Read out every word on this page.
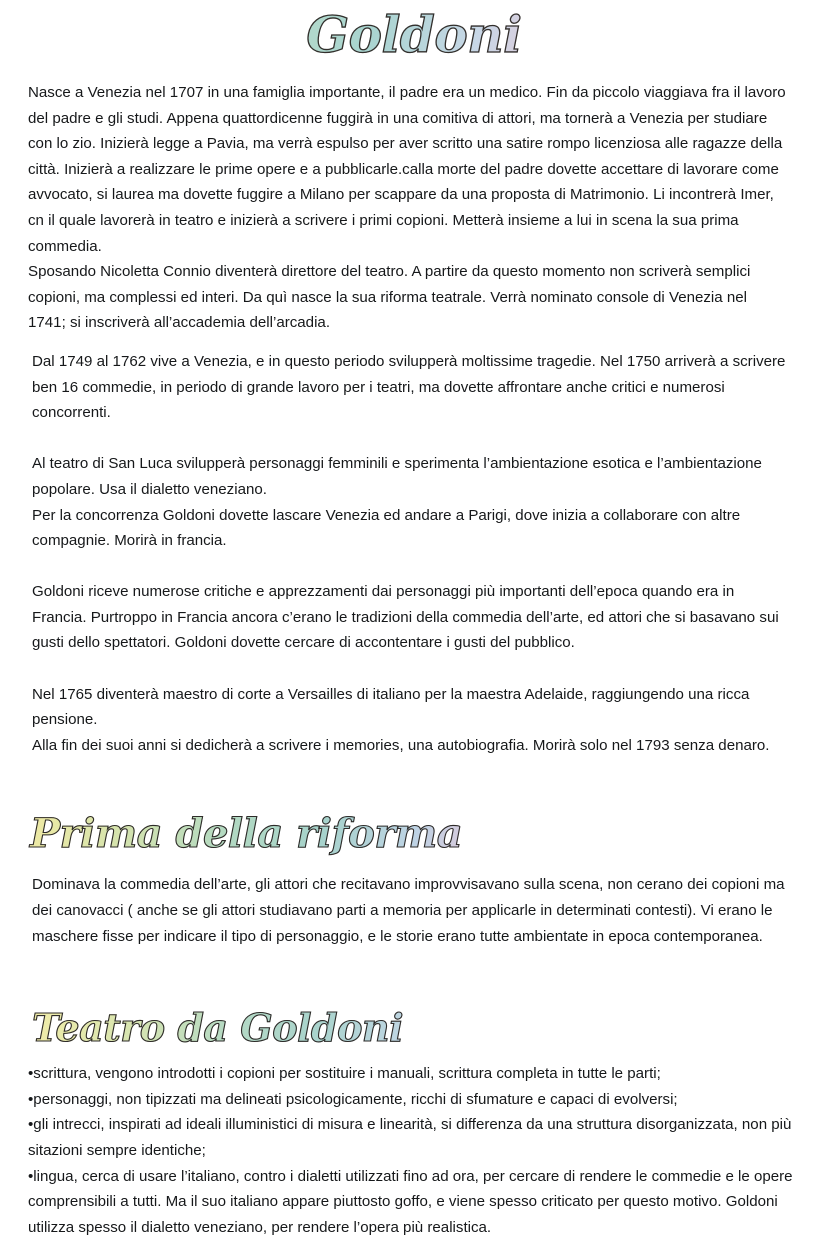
Goldoni

Nasce a Venezia nel 1707 in una famiglia importante, il padre era un medico. Fin da piccolo viaggiava fra il lavoro del padre e gli studi. Appena quattordicenne fuggirà in una comitiva di attori, ma tornerà a Venezia per studiare con lo zio. Inizierà legge a Pavia, ma verrà espulso per aver scritto una satire rompo licenziosa alle ragazze della città. Inizierà a realizzare le prime opere e a pubblicarle.calla morte del padre dovette accettare di lavorare come avvocato, si laurea ma dovette fuggire a Milano per scappare da una proposta di Matrimonio. Li incontrerà Imer, cn il quale lavorerà in teatro e inizierà a scrivere i primi copioni. Metterà insieme a lui in scena la sua prima commedia.

Sposando Nicoletta Connio diventerà direttore del teatro. A partire da questo momento non scriverà semplici copioni, ma complessi ed interi. Da quì nasce la sua riforma teatrale. Verrà nominato console di Venezia nel 1741; si inscriverà all’accademia dell’arcadia.

Dal 1749 al 1762 vive a Venezia, e in questo periodo svilupperà moltissime tragedie. Nel 1750 arriverà a scrivere ben 16 commedie, in periodo di grande lavoro per i teatri, ma dovette affrontare anche critici e numerosi concorrenti.

Al teatro di San Luca svilupperà personaggi femminili e sperimenta l’ambientazione esotica e l’ambientazione popolare. Usa il dialetto veneziano.

Per la concorrenza Goldoni dovette lascare Venezia ed andare a Parigi, dove inizia a collaborare con altre compagnie. Morirà in francia.

Goldoni riceve numerose critiche e apprezzamenti dai personaggi più importanti dell’epoca quando era in Francia. Purtroppo in Francia ancora c’erano le tradizioni della commedia dell’arte, ed attori che si basavano sui gusti dello spettatori. Goldoni dovette cercare di accontentare i gusti del pubblico.

Nel 1765 diventerà maestro di corte a Versailles di italiano per la maestra Adelaide, raggiungendo una ricca pensione.

Alla fin dei suoi anni si dedicherà a scrivere i memories, una autobiografia. Morirà solo nel 1793 senza denaro.

Prima della riforma

Dominava la commedia dell’arte, gli attori che recitavano improvvisavano sulla scena, non cerano dei copioni ma dei canovacci ( anche se gli attori studiavano parti a memoria per applicarle in determinati contesti). Vi erano le maschere fisse per indicare il tipo di personaggio, e le storie erano tutte ambientate in epoca contemporanea.

Teatro da Goldoni
•scrittura, vengono introdotti i copioni per sostituire i manuali, scrittura completa in tutte le parti;
•personaggi, non tipizzati ma delineati psicologicamente, ricchi di sfumature e capaci di evolversi;
•gli intrecci, inspirati ad ideali illuministici di misura e linearità, si differenza da una struttura disorganizzata, non più sitazioni sempre identiche;
•lingua, cerca di usare l’italiano, contro i dialetti utilizzati fino ad ora, per cercare di rendere le commedie e le opere comprensibili a tutti. Ma il suo italiano appare piuttosto goffo, e viene spesso criticato per questo motivo. Goldoni utilizza spesso il dialetto veneziano, per rendere l’opera più realistica.
